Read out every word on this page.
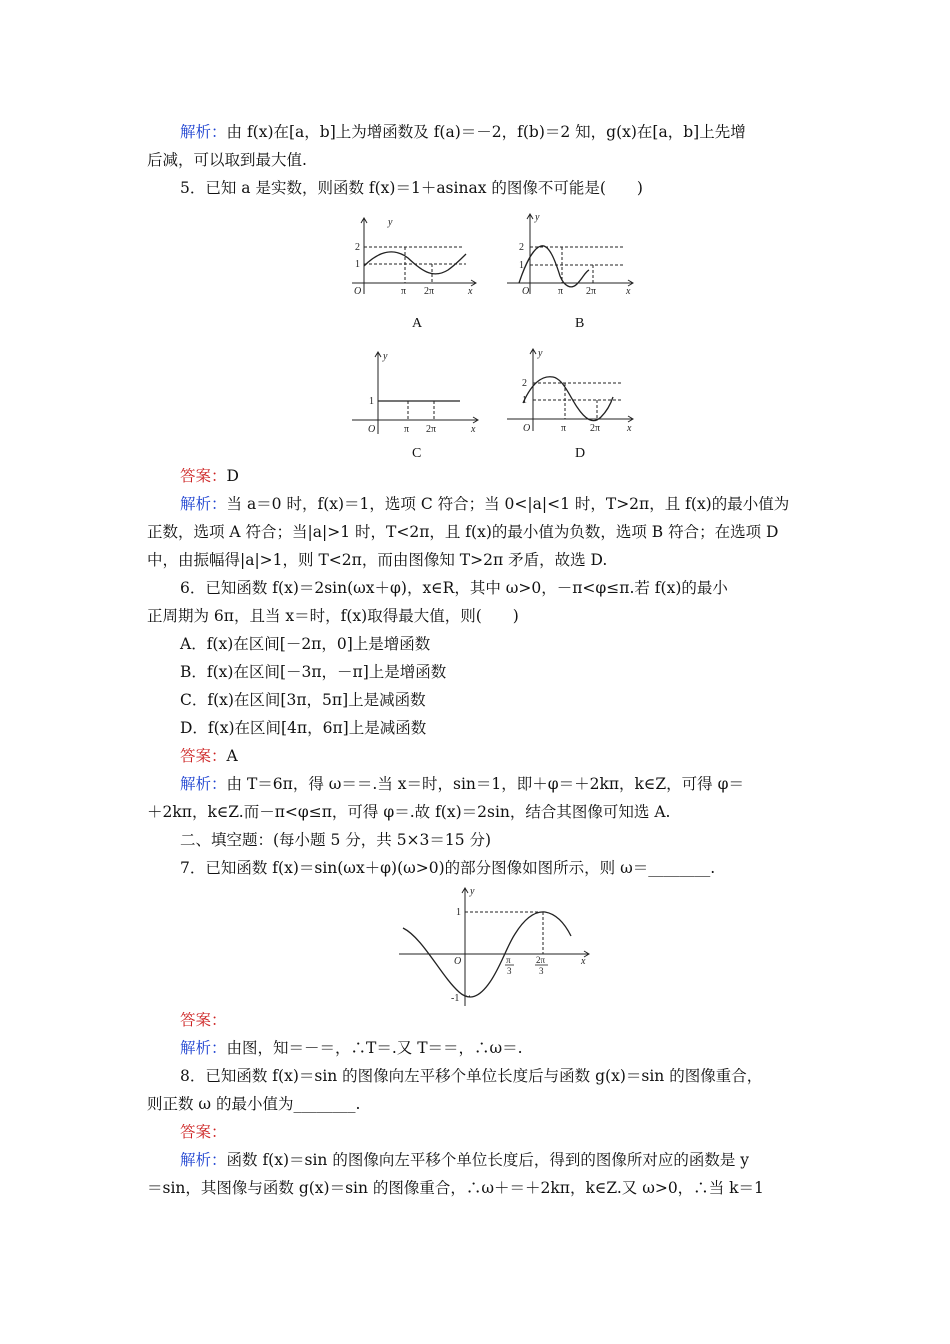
解析：由 f(x)在[a，b]上为增函数及 f(a)＝－2，f(b)＝2 知，g(x)在[a，b]上先增
后减，可以取到最大值.
5．已知 a 是实数，则函数 f(x)＝1＋asinax 的图像不可能是(　　)
y
2
1
O	π 2π	x
A
y
2
1
O	π 2π	x
B
y
1
O	π 2π	x
C
y
2
1
O	π 2π	x
D
答案：D
解析：当 a＝0 时，f(x)＝1，选项 C 符合；当 0<|a|<1 时，T>2π，且 f(x)的最小值为
正数，选项 A 符合；当|a|>1 时，T<2π，且 f(x)的最小值为负数，选项 B 符合；在选项 D
中，由振幅得|a|>1，则 T<2π，而由图像知 T>2π 矛盾，故选 D.
6．已知函数 f(x)＝2sin(ωx＋φ)，x∈R，其中 ω>0，－π<φ≤π.若 f(x)的最小
正周期为 6π，且当 x＝时，f(x)取得最大值，则(　　)
A．f(x)在区间[－2π，0]上是增函数
B．f(x)在区间[－3π，－π]上是增函数
C．f(x)在区间[3π，5π]上是减函数
D．f(x)在区间[4π，6π]上是减函数
答案：A
解析：由 T＝6π，得 ω＝＝.当 x＝时，sin＝1，即＋φ＝＋2kπ，k∈Z，可得 φ＝
＋2kπ，k∈Z.而－π<φ≤π，可得 φ＝.故 f(x)＝2sin，结合其图像可知选 A.
二、填空题：(每小题 5 分，共 5×3＝15 分)
7．已知函数 f(x)＝sin(ωx＋φ)(ω>0)的部分图像如图所示，则 ω＝________.
y
1
-1
O	π
3
2π
3
x
答案：
解析：由图，知＝－＝，∴T＝.又 T＝＝，∴ω＝.
8．已知函数 f(x)＝sin 的图像向左平移个单位长度后与函数 g(x)＝sin 的图像重合，
则正数 ω 的最小值为________.
答案：
解析：函数 f(x)＝sin 的图像向左平移个单位长度后，得到的图像所对应的函数是 y
＝sin，其图像与函数 g(x)＝sin 的图像重合，∴ω＋＝＋2kπ，k∈Z.又 ω>0，∴当 k＝1
